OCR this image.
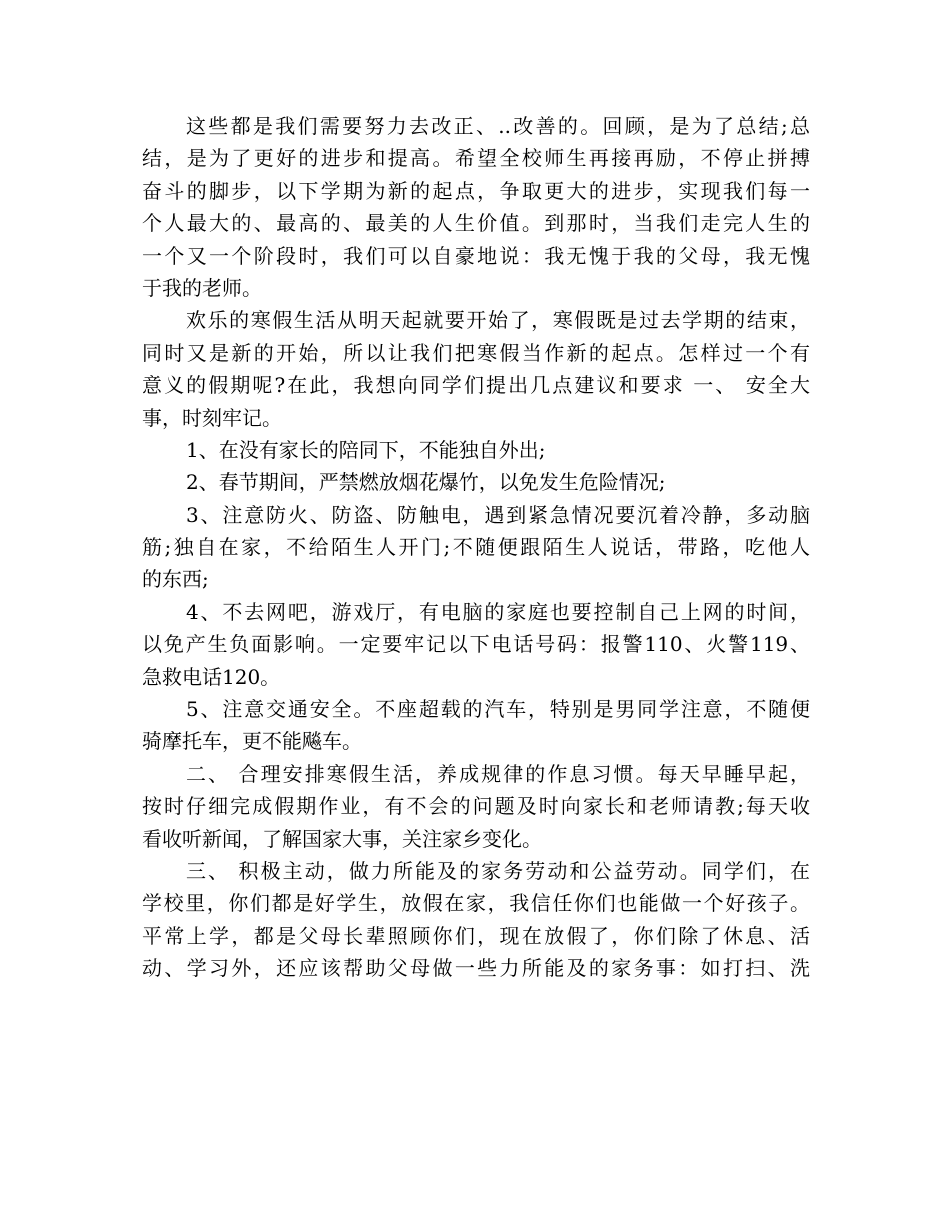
这些都是我们需要努力去改正、..改善的。回顾，是为了总结;总
结，是为了更好的进步和提高。希望全校师生再接再励，不停止拼搏
奋斗的脚步，以下学期为新的起点，争取更大的进步，实现我们每一
个人最大的、最高的、最美的人生价值。到那时，当我们走完人生的
一个又一个阶段时，我们可以自豪地说：我无愧于我的父母，我无愧
于我的老师。
欢乐的寒假生活从明天起就要开始了，寒假既是过去学期的结束，
同时又是新的开始，所以让我们把寒假当作新的起点。怎样过一个有
意义的假期呢?在此，我想向同学们提出几点建议和要求 一、 安全大
事，时刻牢记。
1、在没有家长的陪同下，不能独自外出;
2、春节期间，严禁燃放烟花爆竹，以免发生危险情况;
3、注意防火、防盗、防触电，遇到紧急情况要沉着冷静，多动脑
筋;独自在家，不给陌生人开门;不随便跟陌生人说话，带路，吃他人
的东西;
4、不去网吧，游戏厅，有电脑的家庭也要控制自己上网的时间，
以免产生负面影响。一定要牢记以下电话号码：报警110、火警119、
急救电话120。
5、注意交通安全。不座超载的汽车，特别是男同学注意，不随便
骑摩托车，更不能飚车。
二、 合理安排寒假生活，养成规律的作息习惯。每天早睡早起，
按时仔细完成假期作业，有不会的问题及时向家长和老师请教;每天收
看收听新闻，了解国家大事，关注家乡变化。
三、 积极主动，做力所能及的家务劳动和公益劳动。同学们，在
学校里，你们都是好学生，放假在家，我信任你们也能做一个好孩子。
平常上学，都是父母长辈照顾你们，现在放假了，你们除了休息、活
动、学习外，还应该帮助父母做一些力所能及的家务事：如打扫、洗
